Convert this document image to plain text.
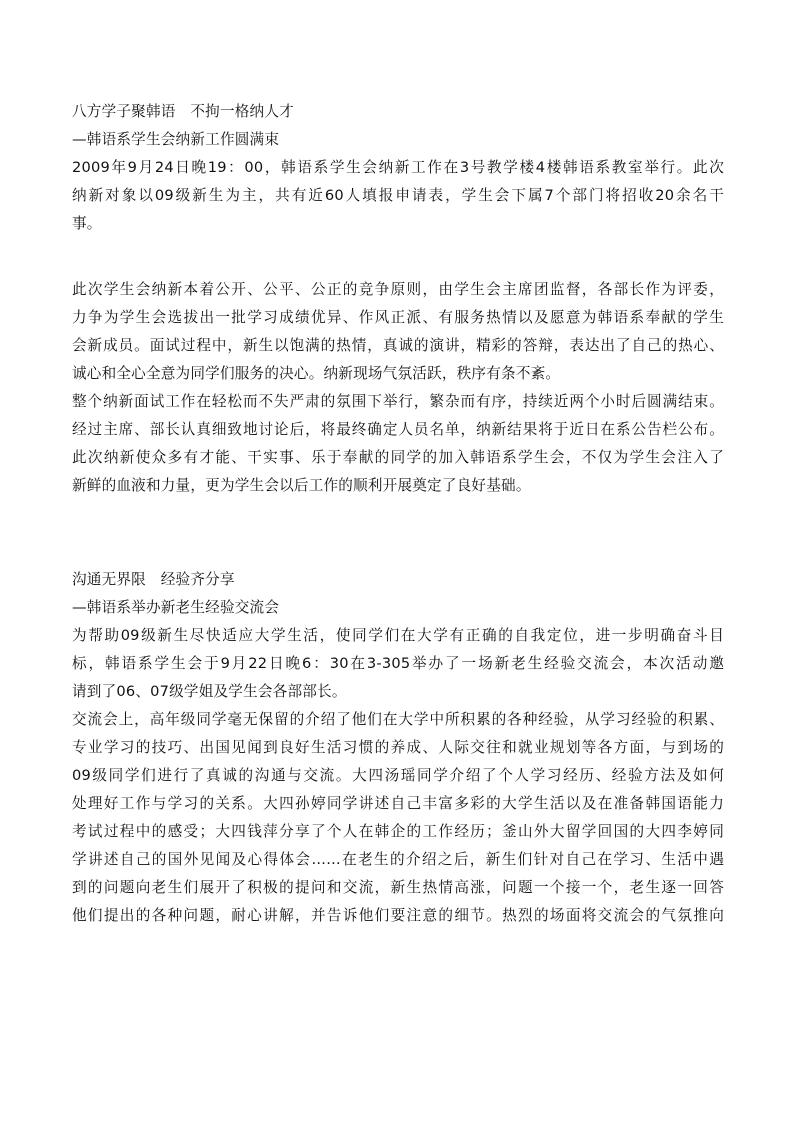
八方学子聚韩语　不拘一格纳人才
—韩语系学生会纳新工作圆满束
2009年9月24日晚19：00，韩语系学生会纳新工作在3号教学楼4楼韩语系教室举行。此次
纳新对象以09级新生为主，共有近60人填报申请表，学生会下属7个部门将招收20余名干
事。
此次学生会纳新本着公开、公平、公正的竞争原则，由学生会主席团监督，各部长作为评委，
力争为学生会选拔出一批学习成绩优异、作风正派、有服务热情以及愿意为韩语系奉献的学生
会新成员。面试过程中，新生以饱满的热情，真诚的演讲，精彩的答辩，表达出了自己的热心、
诚心和全心全意为同学们服务的决心。纳新现场气氛活跃，秩序有条不紊。
整个纳新面试工作在轻松而不失严肃的氛围下举行，繁杂而有序，持续近两个小时后圆满结束。
经过主席、部长认真细致地讨论后，将最终确定人员名单，纳新结果将于近日在系公告栏公布。
此次纳新使众多有才能、干实事、乐于奉献的同学的加入韩语系学生会，不仅为学生会注入了
新鲜的血液和力量，更为学生会以后工作的顺利开展奠定了良好基础。
沟通无界限　经验齐分享
—韩语系举办新老生经验交流会
为帮助09级新生尽快适应大学生活，使同学们在大学有正确的自我定位，进一步明确奋斗目
标，韩语系学生会于9月22日晚6：30在3-305举办了一场新老生经验交流会，本次活动邀
请到了06、07级学姐及学生会各部部长。
交流会上，高年级同学毫无保留的介绍了他们在大学中所积累的各种经验，从学习经验的积累、
专业学习的技巧、出国见闻到良好生活习惯的养成、人际交往和就业规划等各方面，与到场的
09级同学们进行了真诚的沟通与交流。大四汤瑶同学介绍了个人学习经历、经验方法及如何
处理好工作与学习的关系。大四孙婷同学讲述自己丰富多彩的大学生活以及在准备韩国语能力
考试过程中的感受；大四钱萍分享了个人在韩企的工作经历；釜山外大留学回国的大四李婷同
学讲述自己的国外见闻及心得体会……在老生的介绍之后，新生们针对自己在学习、生活中遇
到的问题向老生们展开了积极的提问和交流，新生热情高涨，问题一个接一个，老生逐一回答
他们提出的各种问题，耐心讲解，并告诉他们要注意的细节。热烈的场面将交流会的气氛推向
